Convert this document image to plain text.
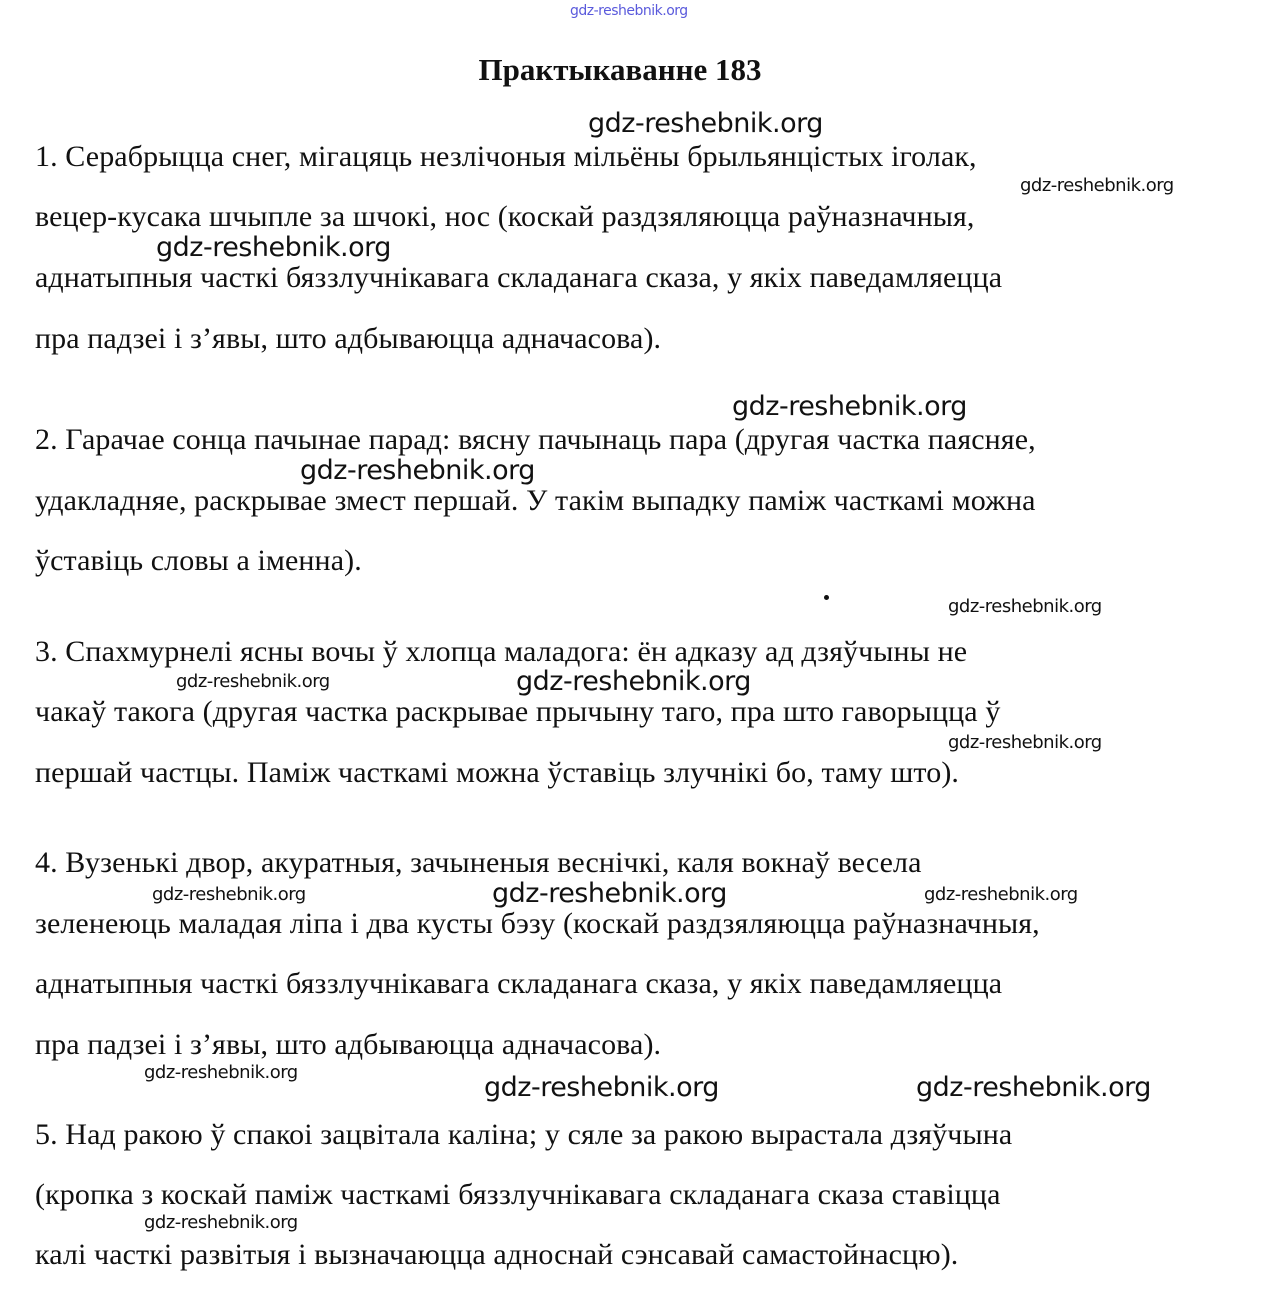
gdz-reshebnik.org
Практыкаванне 183
1. Серабрыцца снег, мігацяць незлічоныя мільёны брыльянцістых іголак,
вецер-кусака шчыпле за шчокі, нос (коскай раздзяляюцца раўназначныя,
аднатыпныя часткі бяззлучнікавага складанага сказа, у якіх паведамляецца
пра падзеі і з’явы, што адбываюцца адначасова).
2. Гарачае сонца пачынае парад: вясну пачынаць пара (другая частка паясняе,
удакладняе, раскрывае змест першай. У такім выпадку паміж часткамі можна
ўставіць словы а іменна).
3. Спахмурнелі ясны вочы ў хлопца маладога: ён адказу ад дзяўчыны не
чакаў такога (другая частка раскрывае прычыну таго, пра што гаворыцца ў
першай частцы. Паміж часткамі можна ўставіць злучнікі бо, таму што).
4. Вузенькі двор, акуратныя, зачыненыя веснічкі, каля вокнаў весела
зеленеюць маладая ліпа і два кусты бэзу (коскай раздзяляюцца раўназначныя,
аднатыпныя часткі бяззлучнікавага складанага сказа, у якіх паведамляецца
пра падзеі і з’явы, што адбываюцца адначасова).
5. Над ракою ў спакоі зацвітала каліна; у сяле за ракою вырастала дзяўчына
(кропка з коскай паміж часткамі бяззлучнікавага складанага сказа ставіцца
калі часткі развітыя і вызначаюцца адноснай сэнсавай самастойнасцю).
gdz-reshebnik.org
gdz-reshebnik.org
gdz-reshebnik.org
gdz-reshebnik.org
gdz-reshebnik.org
gdz-reshebnik.org
gdz-reshebnik.org	gdz-reshebnik.org
gdz-reshebnik.org
gdz-reshebnik.org	gdz-reshebnik.org	gdz-reshebnik.org
gdz-reshebnik.org	gdz-reshebnik.org	gdz-reshebnik.org
gdz-reshebnik.org
